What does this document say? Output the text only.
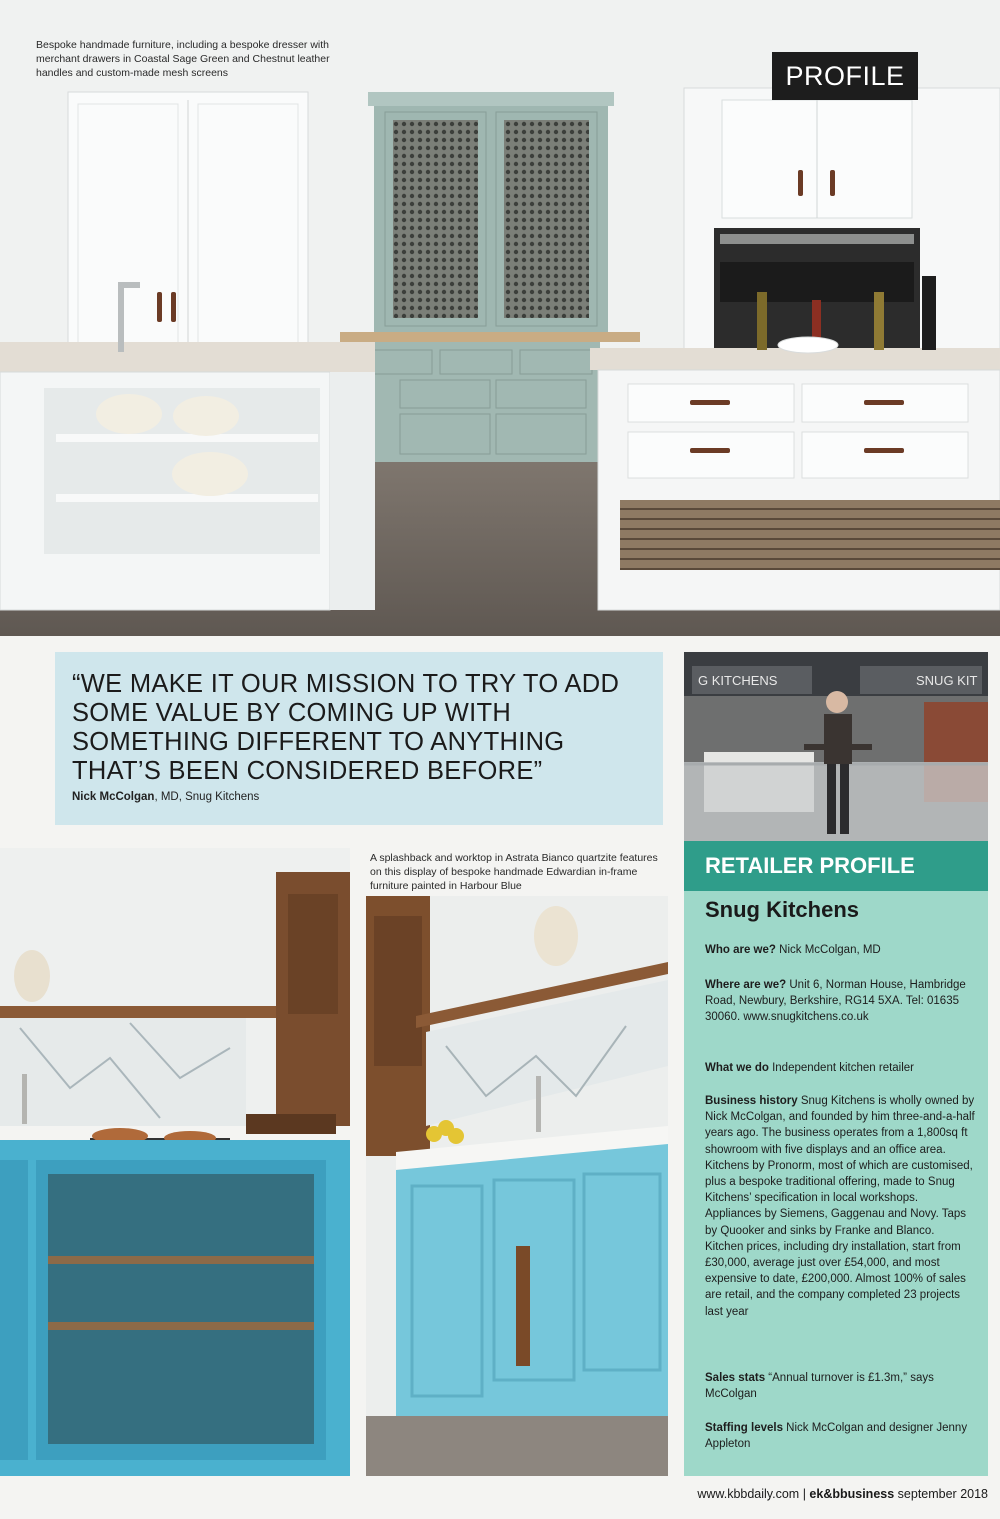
Bespoke handmade furniture, including a bespoke dresser with merchant drawers in Coastal Sage Green and Chestnut leather handles and custom-made mesh screens	PROFILE
“WE MAKE IT OUR MISSION TO TRY TO ADD SOME VALUE BY COMING UP WITH SOMETHING DIFFERENT TO ANYTHING THAT’S BEEN CONSIDERED BEFORE”
Nick McColgan, MD, Snug Kitchens
G KITCHENS	SNUG KIT
RETAILER PROFILE
Snug Kitchens
Who are we? Nick McColgan, MD
Where are we? Unit 6, Norman House, Hambridge Road, Newbury, Berkshire, RG14 5XA. Tel: 01635 30060. www.snugkitchens.co.uk
What we do Independent kitchen retailer
Business history Snug Kitchens is wholly owned by Nick McColgan, and founded by him three-and-a-half years ago. The business operates from a 1,800sq ft showroom with five displays and an office area. Kitchens by Pronorm, most of which are customised, plus a bespoke traditional offering, made to Snug Kitchens’ specification in local workshops. Appliances by Siemens, Gaggenau and Novy. Taps by Quooker and sinks by Franke and Blanco. Kitchen prices, including dry installation, start from £30,000, average just over £54,000, and most expensive to date, £200,000. Almost 100% of sales are retail, and the company completed 23 projects last year
Sales stats “Annual turnover is £1.3m,” says McColgan
Staffing levels Nick McColgan and designer Jenny Appleton
A splashback and worktop in Astrata Bianco quartzite features on this display of bespoke handmade Edwardian in-frame furniture painted in Harbour Blue
www.kbbdaily.com | ek&bbusiness september 2018
